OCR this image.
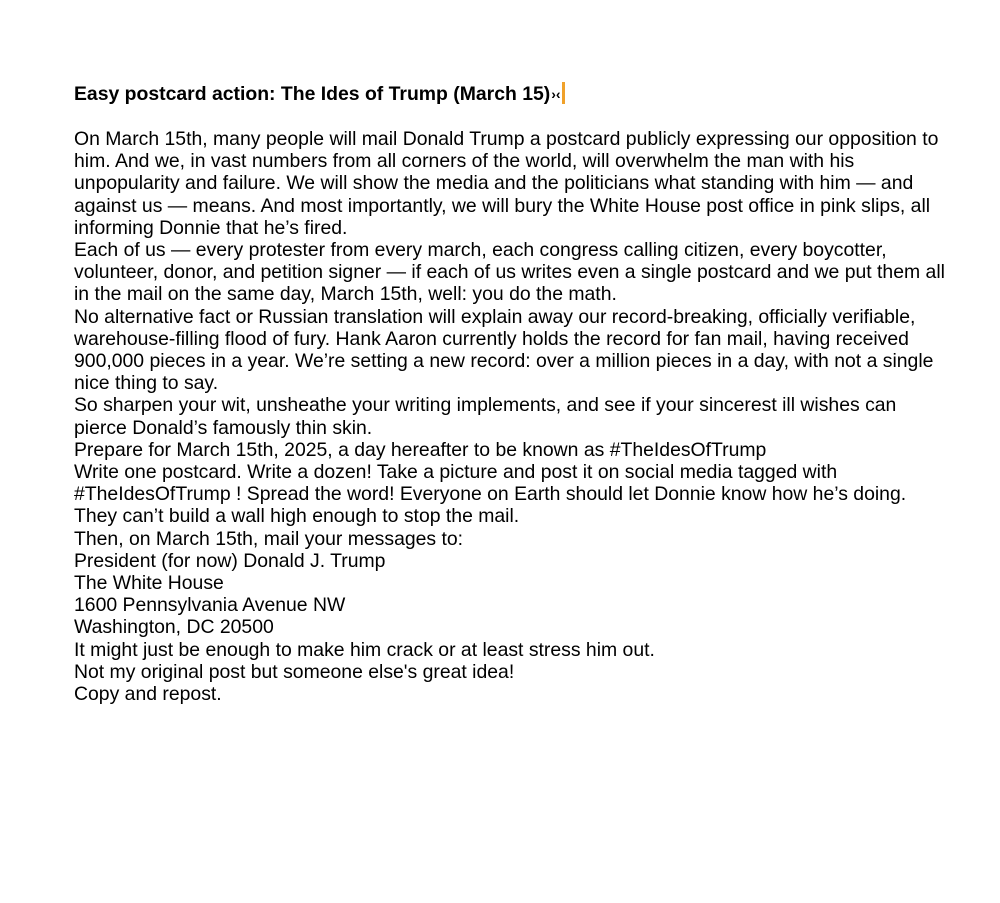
Easy postcard action: The Ides of Trump (March 15)›‹

On March 15th, many people will mail Donald Trump a postcard publicly expressing our opposition to him. And we, in vast numbers from all corners of the world, will overwhelm the man with his unpopularity and failure. We will show the media and the politicians what standing with him — and against us — means. And most importantly, we will bury the White House post office in pink slips, all informing Donnie that he’s fired.

Each of us — every protester from every march, each congress calling citizen, every boycotter, volunteer, donor, and petition signer — if each of us writes even a single postcard and we put them all in the mail on the same day, March 15th, well: you do the math.

No alternative fact or Russian translation will explain away our record-breaking, officially verifiable, warehouse-filling flood of fury. Hank Aaron currently holds the record for fan mail, having received 900,000 pieces in a year. We’re setting a new record: over a million pieces in a day, with not a single nice thing to say.

So sharpen your wit, unsheathe your writing implements, and see if your sincerest ill wishes can pierce Donald’s famously thin skin.

Prepare for March 15th, 2025, a day hereafter to be known as #TheIdesOfTrump

Write one postcard. Write a dozen! Take a picture and post it on social media tagged with #TheIdesOfTrump ! Spread the word! Everyone on Earth should let Donnie know how he’s doing. They can’t build a wall high enough to stop the mail.

Then, on March 15th, mail your messages to:

President (for now) Donald J. Trump

The White House

1600 Pennsylvania Avenue NW

Washington, DC 20500

It might just be enough to make him crack or at least stress him out.

Not my original post but someone else's great idea!

Copy and repost.
